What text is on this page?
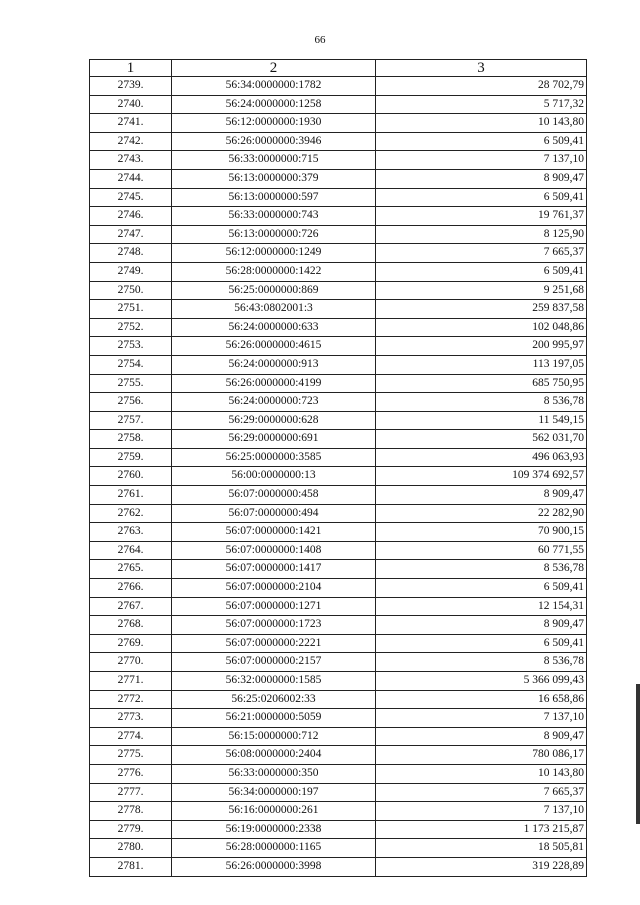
66
1	2	3
2739.	56:34:0000000:1782	28 702,79
2740.	56:24:0000000:1258	5 717,32
2741.	56:12:0000000:1930	10 143,80
2742.	56:26:0000000:3946	6 509,41
2743.	56:33:0000000:715	7 137,10
2744.	56:13:0000000:379	8 909,47
2745.	56:13:0000000:597	6 509,41
2746.	56:33:0000000:743	19 761,37
2747.	56:13:0000000:726	8 125,90
2748.	56:12:0000000:1249	7 665,37
2749.	56:28:0000000:1422	6 509,41
2750.	56:25:0000000:869	9 251,68
2751.	56:43:0802001:3	259 837,58
2752.	56:24:0000000:633	102 048,86
2753.	56:26:0000000:4615	200 995,97
2754.	56:24:0000000:913	113 197,05
2755.	56:26:0000000:4199	685 750,95
2756.	56:24:0000000:723	8 536,78
2757.	56:29:0000000:628	11 549,15
2758.	56:29:0000000:691	562 031,70
2759.	56:25:0000000:3585	496 063,93
2760.	56:00:0000000:13	109 374 692,57
2761.	56:07:0000000:458	8 909,47
2762.	56:07:0000000:494	22 282,90
2763.	56:07:0000000:1421	70 900,15
2764.	56:07:0000000:1408	60 771,55
2765.	56:07:0000000:1417	8 536,78
2766.	56:07:0000000:2104	6 509,41
2767.	56:07:0000000:1271	12 154,31
2768.	56:07:0000000:1723	8 909,47
2769.	56:07:0000000:2221	6 509,41
2770.	56:07:0000000:2157	8 536,78
2771.	56:32:0000000:1585	5 366 099,43
2772.	56:25:0206002:33	16 658,86
2773.	56:21:0000000:5059	7 137,10
2774.	56:15:0000000:712	8 909,47
2775.	56:08:0000000:2404	780 086,17
2776.	56:33:0000000:350	10 143,80
2777.	56:34:0000000:197	7 665,37
2778.	56:16:0000000:261	7 137,10
2779.	56:19:0000000:2338	1 173 215,87
2780.	56:28:0000000:1165	18 505,81
2781.	56:26:0000000:3998	319 228,89
